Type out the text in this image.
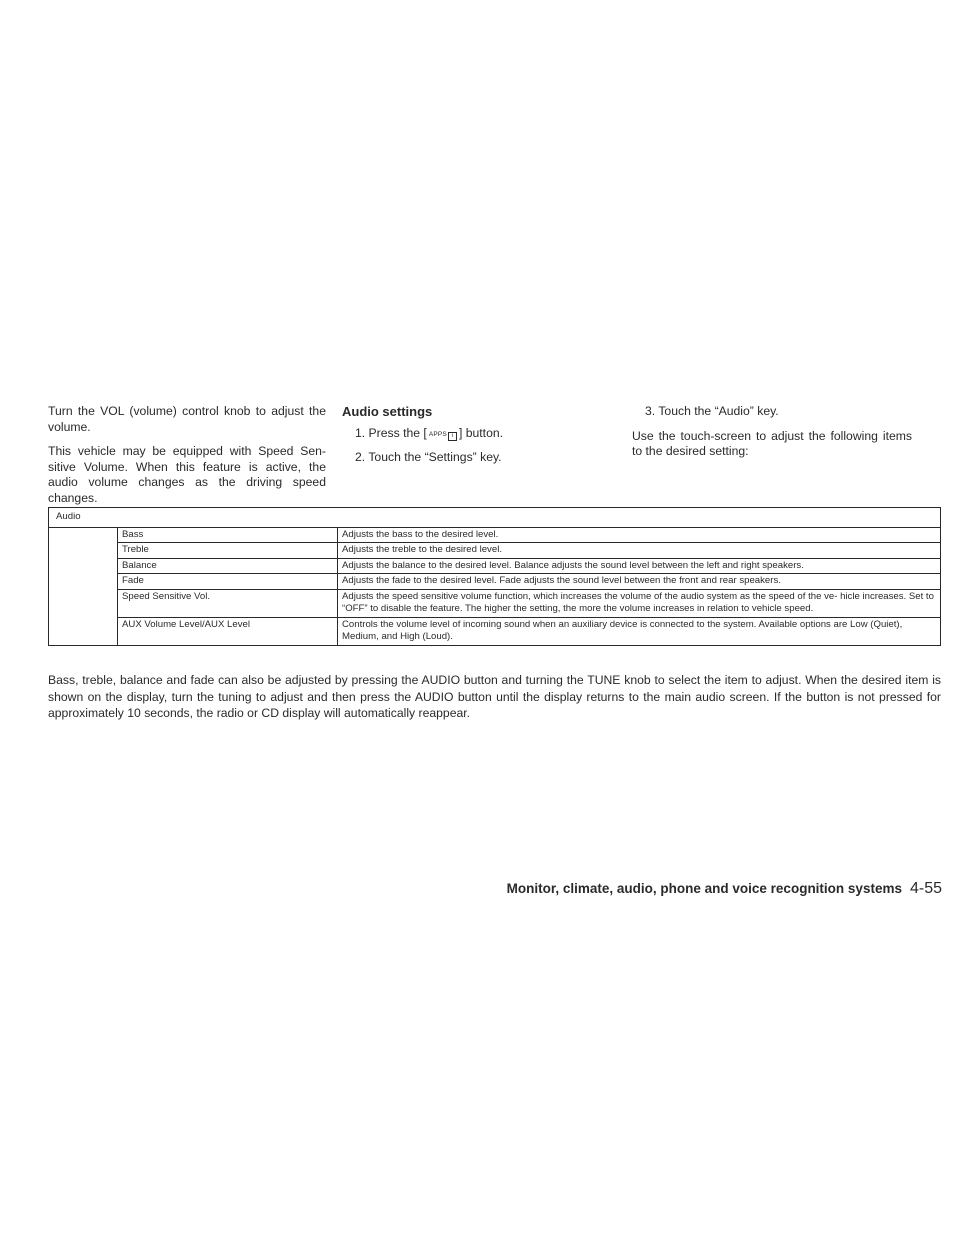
Turn the VOL (volume) control knob to adjust the volume.

This vehicle may be equipped with Speed Sen- sitive Volume. When this feature is active, the audio volume changes as the driving speed changes.

Audio settings

1. Press the [ APPS i ] button.

2. Touch the “Settings” key.

3. Touch the “Audio” key.

Use the touch-screen to adjust the following items to the desired setting:

Audio		
	Bass	Adjusts the bass to the desired level.
	Treble	Adjusts the treble to the desired level.
	Balance	Adjusts the balance to the desired level. Balance adjusts the sound level between the left and right speakers.
	Fade	Adjusts the fade to the desired level. Fade adjusts the sound level between the front and rear speakers.
	Speed Sensitive Vol.	Adjusts the speed sensitive volume function, which increases the volume of the audio system as the speed of the ve- hicle increases. Set to “OFF” to disable the feature. The higher the setting, the more the volume increases in relation to vehicle speed.
	AUX Volume Level/AUX Level	Controls the volume level of incoming sound when an auxiliary device is connected to the system. Available options are Low (Quiet), Medium, and High (Loud).

Bass, treble, balance and fade can also be adjusted by pressing the AUDIO button and turning the TUNE knob to select the item to adjust. When the desired item is shown on the display, turn the tuning to adjust and then press the AUDIO button until the display returns to the main audio screen. If the button is not pressed for approximately 10 seconds, the radio or CD display will automatically reappear.

Monitor, climate, audio, phone and voice recognition systems 4-55
